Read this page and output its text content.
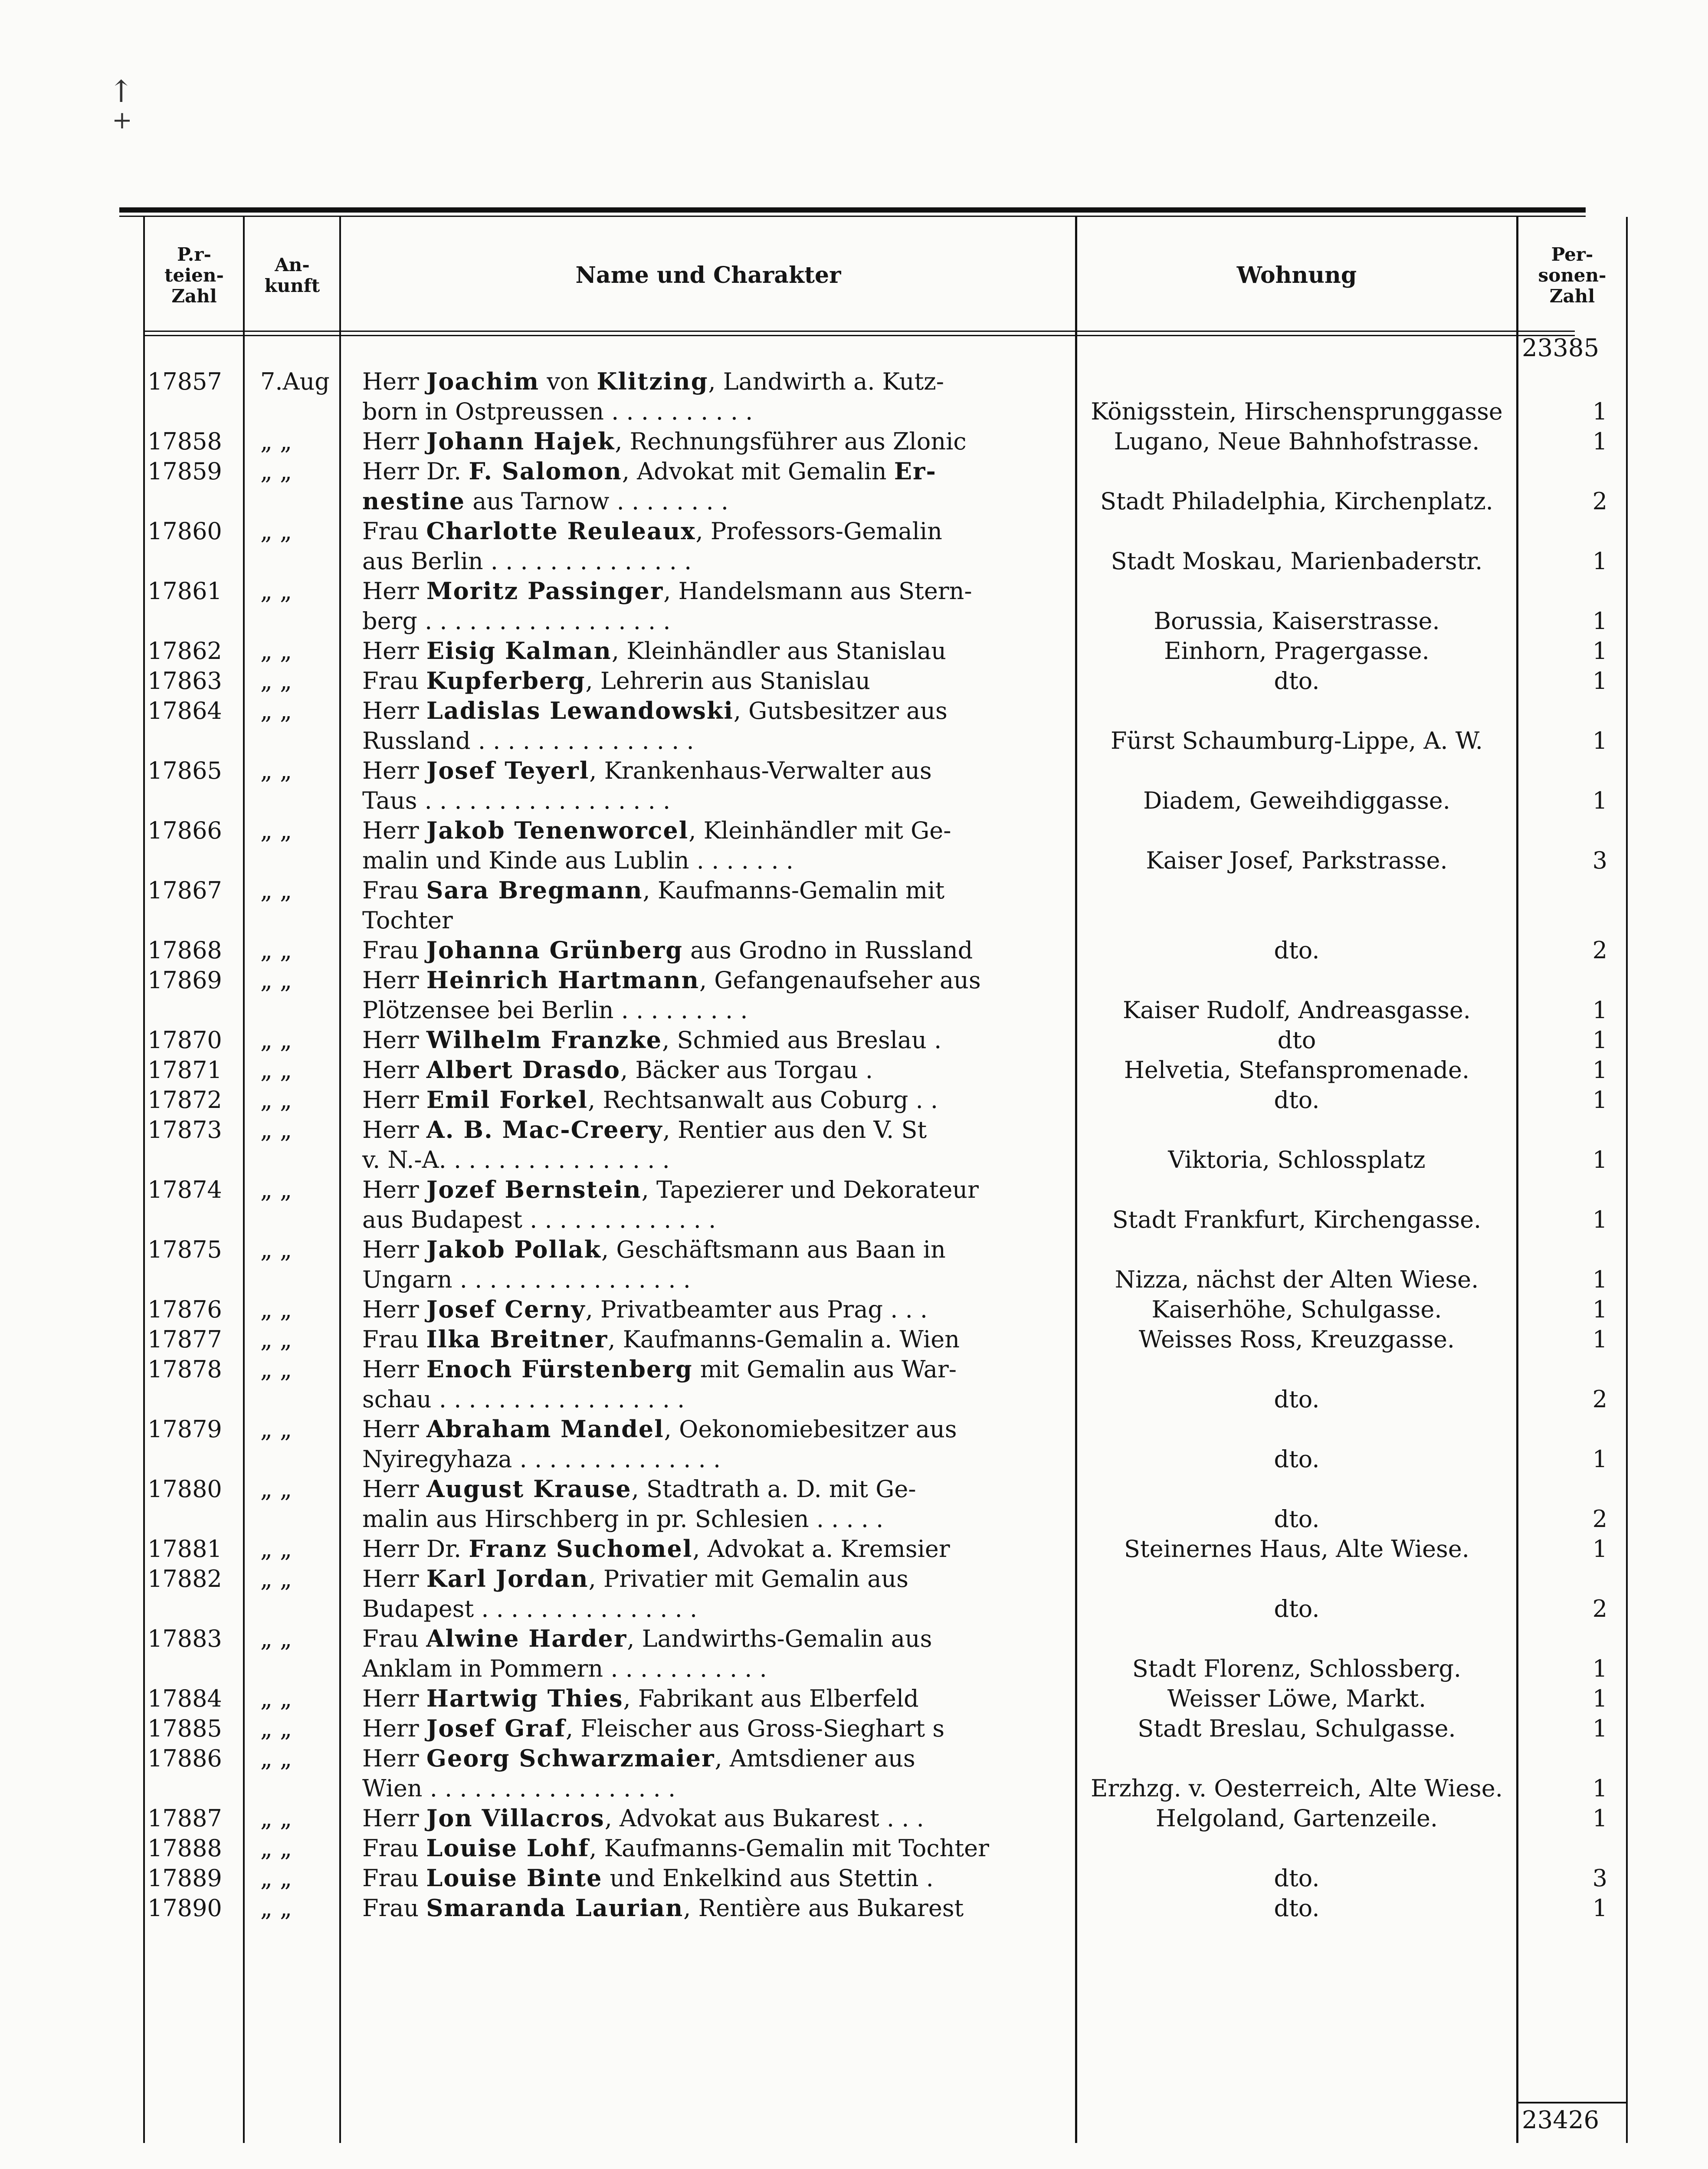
↑
+
P.r-
teien-
Zahl
An-
kunft	Name und Charakter	Wohnung
Per-
sonen-
Zahl
23385
17857	7.Aug	Herr Joachim von Klitzing, Landwirth a. Kutz-
born in Ostpreussen . . . . . . . . . .	Königsstein, Hirschensprunggasse	1
17858	„ „	Herr Johann Hajek, Rechnungsführer aus Zlonic	Lugano, Neue Bahnhofstrasse.	1
17859	„ „	Herr Dr. F. Salomon, Advokat mit Gemalin Er-
nestine aus Tarnow . . . . . . . .	Stadt Philadelphia, Kirchenplatz.	2
17860	„ „	Frau Charlotte Reuleaux, Professors-Gemalin
aus Berlin . . . . . . . . . . . . . .	Stadt Moskau, Marienbaderstr.	1
17861	„ „	Herr Moritz Passinger, Handelsmann aus Stern-
berg . . . . . . . . . . . . . . . . .	Borussia, Kaiserstrasse.	1
17862	„ „	Herr Eisig Kalman, Kleinhändler aus Stanislau	Einhorn, Pragergasse.	1
17863	„ „	Frau Kupferberg, Lehrerin aus Stanislau	dto.	1
17864	„ „	Herr Ladislas Lewandowski, Gutsbesitzer aus
Russland . . . . . . . . . . . . . . .	Fürst Schaumburg-Lippe, A. W.	1
17865	„ „	Herr Josef Teyerl, Krankenhaus-Verwalter aus
Taus . . . . . . . . . . . . . . . . .	Diadem, Geweihdiggasse.	1
17866	„ „	Herr Jakob Tenenworcel, Kleinhändler mit Ge-
malin und Kinde aus Lublin . . . . . . .	Kaiser Josef, Parkstrasse.	3
17867	„ „	Frau Sara Bregmann, Kaufmanns-Gemalin mit
Tochter
17868	„ „	Frau Johanna Grünberg aus Grodno in Russland	dto.	2
17869	„ „	Herr Heinrich Hartmann, Gefangenaufseher aus
Plötzensee bei Berlin . . . . . . . . .	Kaiser Rudolf, Andreasgasse.	1
17870	„ „	Herr Wilhelm Franzke, Schmied aus Breslau .	dto	1
17871	„ „	Herr Albert Drasdo, Bäcker aus Torgau .	Helvetia, Stefanspromenade.	1
17872	„ „	Herr Emil Forkel, Rechtsanwalt aus Coburg . .	dto.	1
17873	„ „	Herr A. B. Mac-Creery, Rentier aus den V. St
v. N.-A. . . . . . . . . . . . . . . .	Viktoria, Schlossplatz	1
17874	„ „	Herr Jozef Bernstein, Tapezierer und Dekorateur
aus Budapest . . . . . . . . . . . . .	Stadt Frankfurt, Kirchengasse.	1
17875	„ „	Herr Jakob Pollak, Geschäftsmann aus Baan in
Ungarn . . . . . . . . . . . . . . . .	Nizza, nächst der Alten Wiese.	1
17876	„ „	Herr Josef Cerny, Privatbeamter aus Prag . . .	Kaiserhöhe, Schulgasse.	1
17877	„ „	Frau Ilka Breitner, Kaufmanns-Gemalin a. Wien	Weisses Ross, Kreuzgasse.	1
17878	„ „	Herr Enoch Fürstenberg mit Gemalin aus War-
schau . . . . . . . . . . . . . . . . .	dto.	2
17879	„ „	Herr Abraham Mandel, Oekonomiebesitzer aus
Nyiregyhaza . . . . . . . . . . . . . .	dto.	1
17880	„ „	Herr August Krause, Stadtrath a. D. mit Ge-
malin aus Hirschberg in pr. Schlesien . . . . .	dto.	2
17881	„ „	Herr Dr. Franz Suchomel, Advokat a. Kremsier	Steinernes Haus, Alte Wiese.	1
17882	„ „	Herr Karl Jordan, Privatier mit Gemalin aus
Budapest . . . . . . . . . . . . . . .	dto.	2
17883	„ „	Frau Alwine Harder, Landwirths-Gemalin aus
Anklam in Pommern . . . . . . . . . . .	Stadt Florenz, Schlossberg.	1
17884	„ „	Herr Hartwig Thies, Fabrikant aus Elberfeld	Weisser Löwe, Markt.	1
17885	„ „	Herr Josef Graf, Fleischer aus Gross-Sieghart s	Stadt Breslau, Schulgasse.	1
17886	„ „	Herr Georg Schwarzmaier, Amtsdiener aus
Wien . . . . . . . . . . . . . . . . .	Erzhzg. v. Oesterreich, Alte Wiese.	1
17887	„ „	Herr Jon Villacros, Advokat aus Bukarest . . .	Helgoland, Gartenzeile.	1
17888	„ „	Frau Louise Lohf, Kaufmanns-Gemalin mit Tochter
17889	„ „	Frau Louise Binte und Enkelkind aus Stettin .	dto.	3
17890	„ „	Frau Smaranda Laurian, Rentière aus Bukarest	dto.	1
23426
